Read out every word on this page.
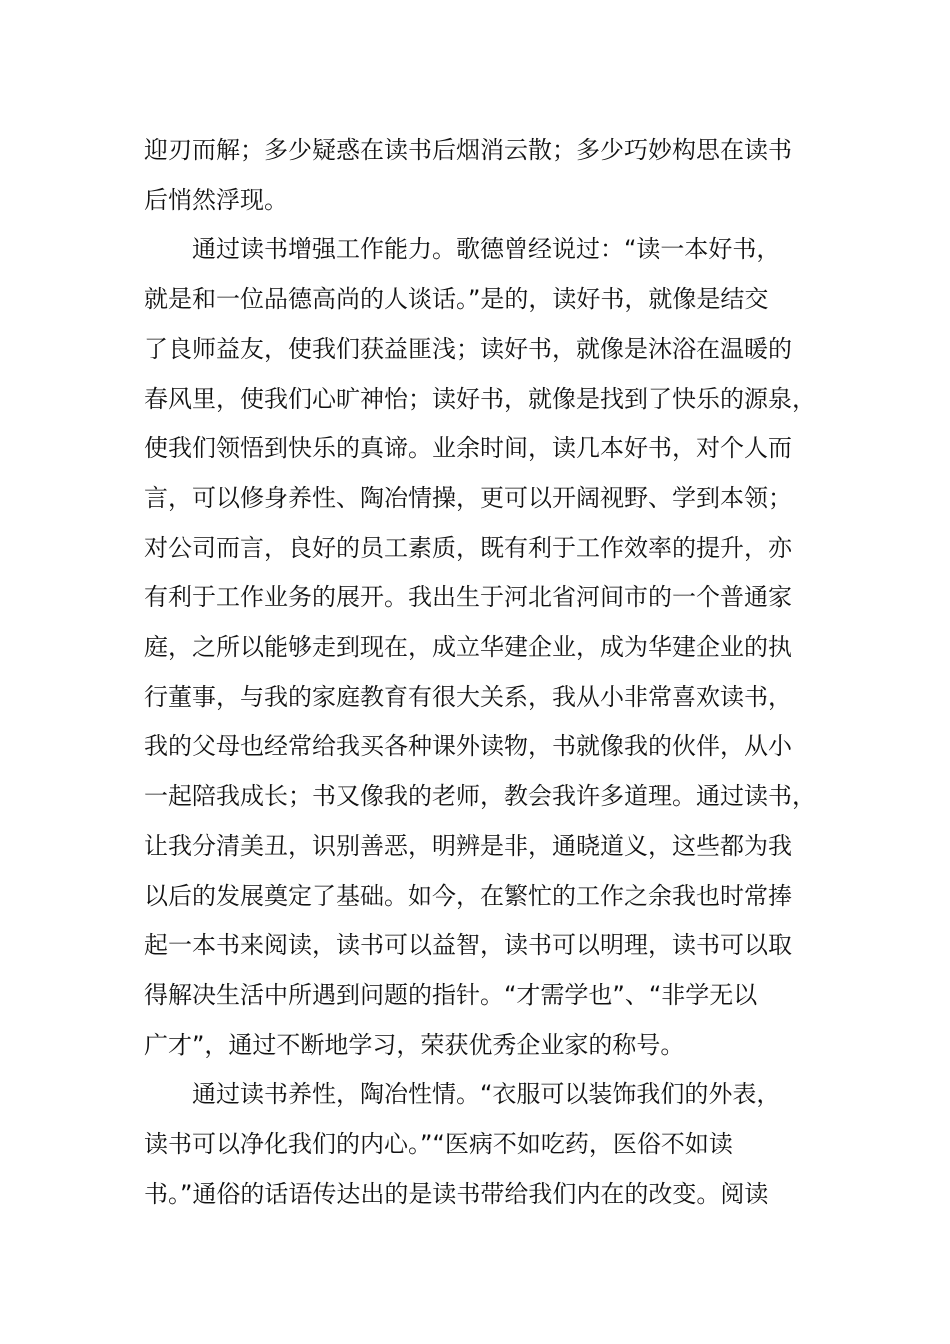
迎刃而解；多少疑惑在读书后烟消云散；多少巧妙构思在读书
后悄然浮现。

通过读书增强工作能力。歌德曾经说过：“读一本好书，
就是和一位品德高尚的人谈话。”是的，读好书，就像是结交
了良师益友，使我们获益匪浅；读好书，就像是沐浴在温暖的
春风里，使我们心旷神怡；读好书，就像是找到了快乐的源泉，
使我们领悟到快乐的真谛。业余时间，读几本好书，对个人而
言，可以修身养性、陶冶情操，更可以开阔视野、学到本领；
对公司而言，良好的员工素质，既有利于工作效率的提升，亦
有利于工作业务的展开。我出生于河北省河间市的一个普通家
庭，之所以能够走到现在，成立华建企业，成为华建企业的执
行董事，与我的家庭教育有很大关系，我从小非常喜欢读书，
我的父母也经常给我买各种课外读物，书就像我的伙伴，从小
一起陪我成长；书又像我的老师，教会我许多道理。通过读书，
让我分清美丑，识别善恶，明辨是非，通晓道义，这些都为我
以后的发展奠定了基础。如今，在繁忙的工作之余我也时常捧
起一本书来阅读，读书可以益智，读书可以明理，读书可以取
得解决生活中所遇到问题的指针。“才需学也”、“非学无以
广才”，通过不断地学习，荣获优秀企业家的称号。

通过读书养性，陶冶性情。“衣服可以装饰我们的外表，
读书可以净化我们的内心。”“医病不如吃药，医俗不如读
书。”通俗的话语传达出的是读书带给我们内在的改变。阅读
